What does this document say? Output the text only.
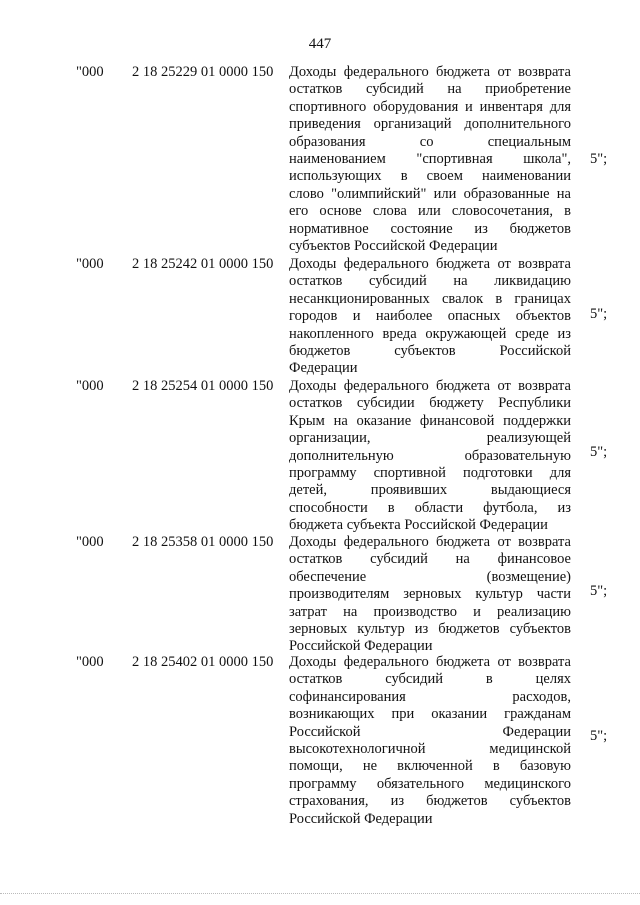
447
"000 2 18 25229 01 0000 150 Доходы федерального бюджета от возврата
остатков субсидий на приобретение
спортивного оборудования и инвентаря для
приведения организаций дополнительного
образования со специальным
наименованием "спортивная школа",
использующих в своем наименовании
слово "олимпийский" или образованные на
его основе слова или словосочетания, в
нормативное состояние из бюджетов
субъектов Российской Федерации
5";
"000 2 18 25242 01 0000 150 Доходы федерального бюджета от возврата
остатков субсидий на ликвидацию
несанкционированных свалок в границах
городов и наиболее опасных объектов
накопленного вреда окружающей среде из
бюджетов субъектов Российской
Федерации
5";
"000 2 18 25254 01 0000 150 Доходы федерального бюджета от возврата
остатков субсидии бюджету Республики
Крым на оказание финансовой поддержки
организации, реализующей
дополнительную образовательную
программу спортивной подготовки для
детей, проявивших выдающиеся
способности в области футбола, из
бюджета субъекта Российской Федерации
5";
"000 2 18 25358 01 0000 150 Доходы федерального бюджета от возврата
остатков субсидий на финансовое
обеспечение (возмещение)
производителям зерновых культур части
затрат на производство и реализацию
зерновых культур из бюджетов субъектов
Российской Федерации
5";
"000 2 18 25402 01 0000 150 Доходы федерального бюджета от возврата
остатков субсидий в целях
софинансирования расходов,
возникающих при оказании гражданам
Российской Федерации
высокотехнологичной медицинской
помощи, не включенной в базовую
программу обязательного медицинского
страхования, из бюджетов субъектов
Российской Федерации
5";
